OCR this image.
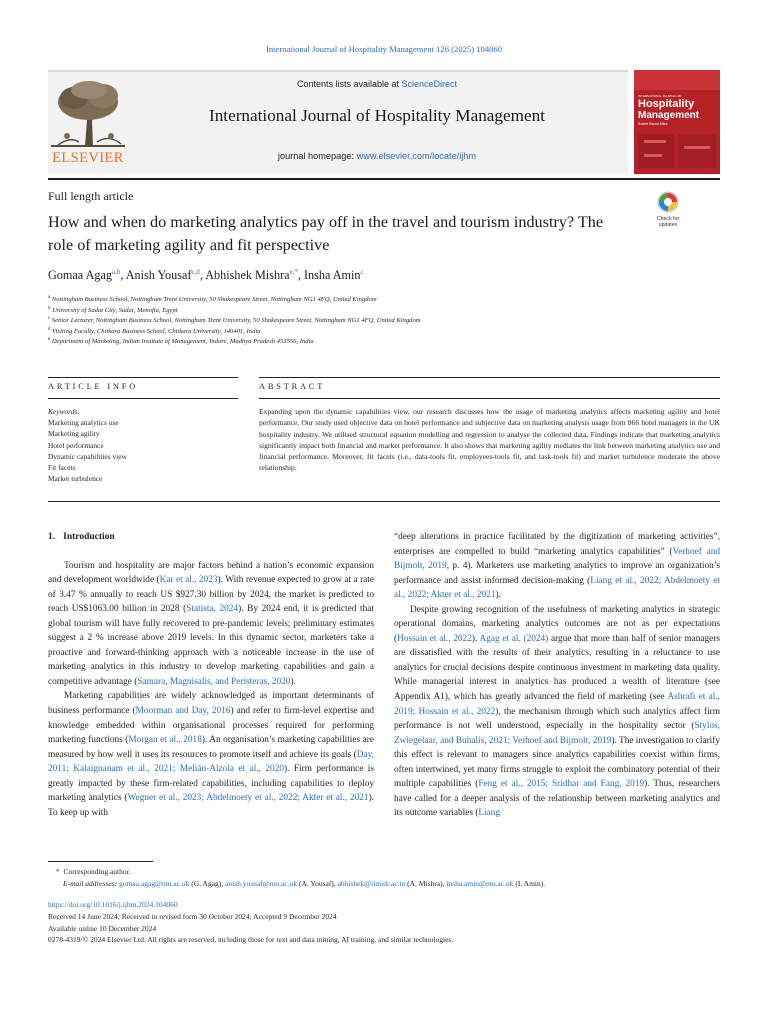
International Journal of Hospitality Management 126 (2025) 104060
ELSEVIER
Contents lists available at ScienceDirect
International Journal of Hospitality Management
journal homepage: www.elsevier.com/locate/ijhm
INTERNATIONAL JOURNAL OF
Hospitality
Management
Robert Sanna Mitra
Full length article
How and when do marketing analytics pay off in the travel and tourism industry? The role of marketing agility and fit perspective
Check for
updates
Gomaa Agag$^{a,b}$, Anish Yousaf$^{c,d}$, Abhishek Mishra$^{e,*}$, Insha Amin$^c$
$^a$ Nottingham Business School, Nottingham Trent University, 50 Shakespeare Street, Nottingham NG1 4FQ, United Kingdom
$^b$ University of Sadat City, Sadat, Menofia, Egypt
$^c$ Senior Lecturer, Nottingham Business School, Nottingham Trent University, 50 Shakespeare Street, Nottingham NG1 4FQ, United Kingdom
$^d$ Visiting Faculty, Chitkara Business School, Chitkara University, 140401, India
$^e$ Department of Marketing, Indian Institute of Management, Indore, Madhya Pradesh 453556, India
ARTICLE INFO	ABSTRACT
Keywords:
Marketing analytics use
Marketing agility
Hotel performance
Dynamic capabilities view
Fit facets
Market turbulence
Expanding upon the dynamic capabilities view, our research discusses how the usage of marketing analytics affects marketing agility and hotel performance. Our study used objective data on hotel performance and subjective data on marketing analysis usage from 866 hotel managers in the UK hospitality industry. We utilised structural equation modelling and regression to analyse the collected data. Findings indicate that marketing analytics significantly impact both financial and market performance. It also shows that marketing agility mediates the link between marketing analytics use and financial performance. Moreover, fit facets (i.e., data-tools fit, employees-tools fit, and task-tools fit) and market turbulence moderate the above relationship.
1. Introduction

Tourism and hospitality are major factors behind a nation’s economic expansion and development worldwide (Kar et al., 2023). With revenue expected to grow at a rate of 3.47 % annually to reach US $927.30 billion by 2024, the market is predicted to reach US$1063.00 billion in 2028 (Statista, 2024). By 2024 end, it is predicted that global tourism will have fully recovered to pre-pandemic levels; preliminary estimates suggest a 2 % increase above 2019 levels. In this dynamic sector, marketers take a proactive and forward-thinking approach with a noticeable increase in the use of marketing analytics in this industry to develop marketing capabilities and gain a competitive advantage (Samara, Magnisalis, and Peristeras, 2020).

Marketing capabilities are widely acknowledged as important determinants of business performance (Moorman and Day, 2016) and refer to firm-level expertise and knowledge embedded within organisational processes required for performing marketing functions (Morgan et al., 2018). An organisation’s marketing capabilities are measured by how well it uses its resources to promote itself and achieve its goals (Day, 2011; Kalaignanam et al., 2021; Melián-Alzola et al., 2020). Firm performance is greatly impacted by these firm-related capabilities, including capabilities to deploy marketing analytics (Wegner et al., 2023; Abdelmoety et al., 2022; Akter et al., 2021). To keep up with

“deep alterations in practice facilitated by the digitization of marketing activities”, enterprises are compelled to build “marketing analytics capabilities” (Verhoef and Bijmolt, 2019, p. 4). Marketers use marketing analytics to improve an organization’s performance and assist informed decision-making (Liang et al., 2022; Abdelmoety et al., 2022; Akter et al., 2021).

Despite growing recognition of the usefulness of marketing analytics in strategic operational domains, marketing analytics outcomes are not as per expectations (Hossain et al., 2022). Agag et al. (2024) argue that more than half of senior managers are dissatisfied with the results of their analytics, resulting in a reluctance to use analytics for crucial decisions despite continuous investment in marketing data quality. While managerial interest in analytics has produced a wealth of literature (see Appendix A1), which has greatly advanced the field of marketing (see Ashrafi et al., 2019; Hossain et al., 2022), the mechanism through which such analytics affect firm performance is not well understood, especially in the hospitality sector (Stylos, Zwiegelaar, and Buhalis, 2021; Verhoef and Bijmolt, 2019). The investigation to clarify this effect is relevant to managers since analytics capabilities coexist within firms, often intertwined, yet many firms struggle to exploit the combinatory potential of their multiple capabilities (Feng et al., 2015; Sridhar and Fang, 2019). Thus, researchers have called for a deeper analysis of the relationship between marketing analytics and its outcome variables (Liang

* Corresponding author.
E-mail addresses: gomaa.agag@ntu.ac.uk (G. Agag), anish.yousaf@ntu.ac.uk (A. Yousaf), abhishek@iimidr.ac.in (A. Mishra), insha.amin@ntu.ac.uk (I. Amin).
https://doi.org/10.1016/j.ijhm.2024.104060
Received 14 June 2024; Received in revised form 30 October 2024; Accepted 9 December 2024
Available online 10 December 2024
0278-4319/© 2024 Elsevier Ltd. All rights are reserved, including those for text and data mining, AI training, and similar technologies.
